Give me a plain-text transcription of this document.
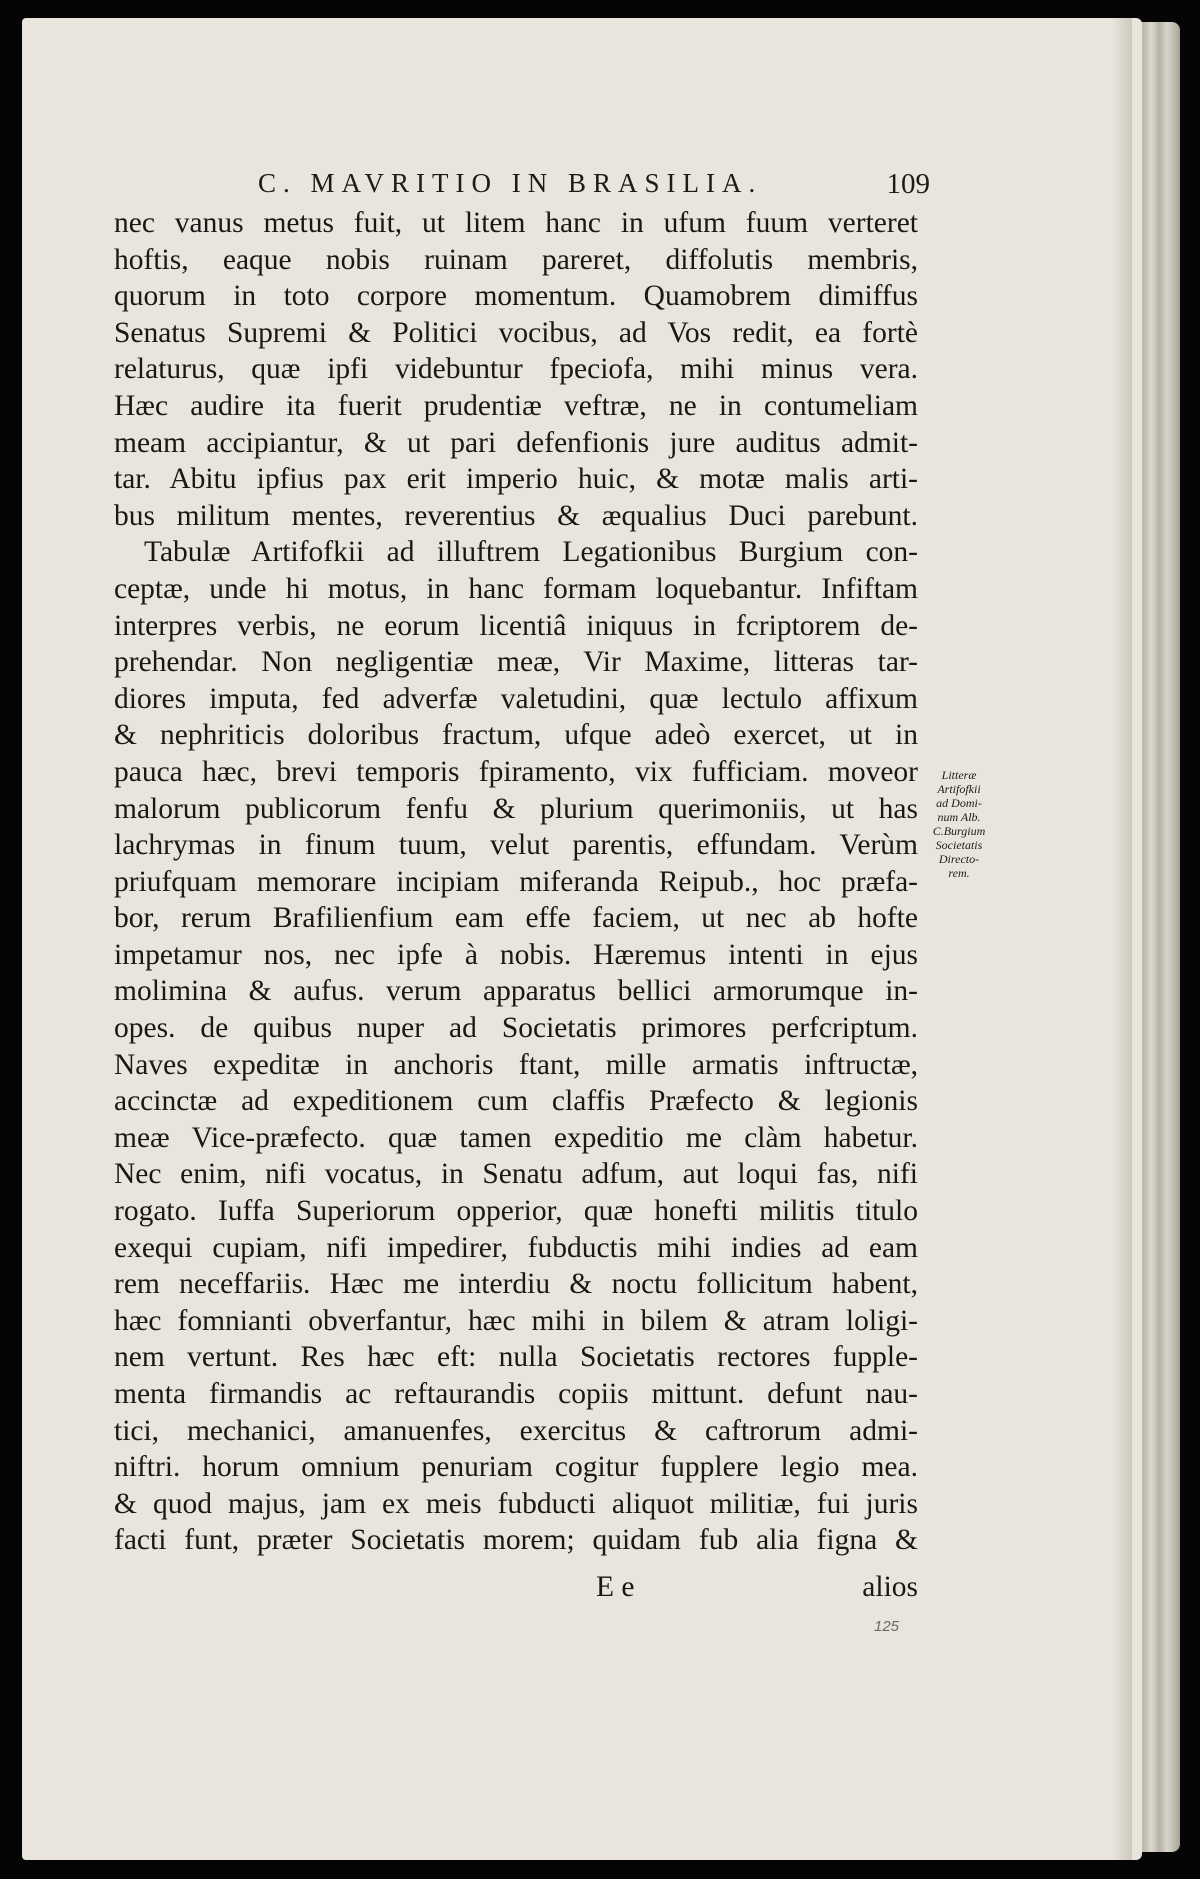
C. MAVRITIO IN BRASILIA.	109
nec vanus metus fuit, ut litem hanc in ufum fuum verteret
hoftis, eaque nobis ruinam pareret, diffolutis membris,
quorum in toto corpore momentum. Quamobrem dimiffus
Senatus Supremi & Politici vocibus, ad Vos redit, ea fortè
relaturus, quæ ipfi videbuntur fpeciofa, mihi minus vera.
Hæc audire ita fuerit prudentiæ veftræ, ne in contumeliam
meam accipiantur, & ut pari defenfionis jure auditus admit-
tar. Abitu ipfius pax erit imperio huic, & motæ malis arti-
bus militum mentes, reverentius & æqualius Duci parebunt.
Tabulæ Artifofkii ad illuftrem Legationibus Burgium con-
ceptæ, unde hi motus, in hanc formam loquebantur. Infiftam
interpres verbis, ne eorum licentiâ iniquus in fcriptorem de-
prehendar. Non negligentiæ meæ, Vir Maxime, litteras tar-
diores imputa, fed adverfæ valetudini, quæ lectulo affixum
& nephriticis doloribus fractum, ufque adeò exercet, ut in
pauca hæc, brevi temporis fpiramento, vix fufficiam. moveor
malorum publicorum fenfu & plurium querimoniis, ut has
lachrymas in finum tuum, velut parentis, effundam. Verùm
priufquam memorare incipiam miferanda Reipub., hoc præfa-
bor, rerum Brafilienfium eam effe faciem, ut nec ab hofte
impetamur nos, nec ipfe à nobis. Hæremus intenti in ejus
molimina & aufus. verum apparatus bellici armorumque in-
opes. de quibus nuper ad Societatis primores perfcriptum.
Naves expeditæ in anchoris ftant, mille armatis inftructæ,
accinctæ ad expeditionem cum claffis Præfecto & legionis
meæ Vice-præfecto. quæ tamen expeditio me clàm habetur.
Nec enim, nifi vocatus, in Senatu adfum, aut loqui fas, nifi
rogato. Iuffa Superiorum opperior, quæ honefti militis titulo
exequi cupiam, nifi impedirer, fubductis mihi indies ad eam
rem neceffariis. Hæc me interdiu & noctu follicitum habent,
hæc fomnianti obverfantur, hæc mihi in bilem & atram loligi-
nem vertunt. Res hæc eft: nulla Societatis rectores fupple-
menta firmandis ac reftaurandis copiis mittunt. defunt nau-
tici, mechanici, amanuenfes, exercitus & caftrorum admi-
niftri. horum omnium penuriam cogitur fupplere legio mea.
& quod majus, jam ex meis fubducti aliquot militiæ, fui juris
facti funt, præter Societatis morem; quidam fub alia figna &
Litteræ
Artifofkii
ad Domi-
num Alb.
C.Burgium
Societatis
Directo-
rem.
E e	alios
125
